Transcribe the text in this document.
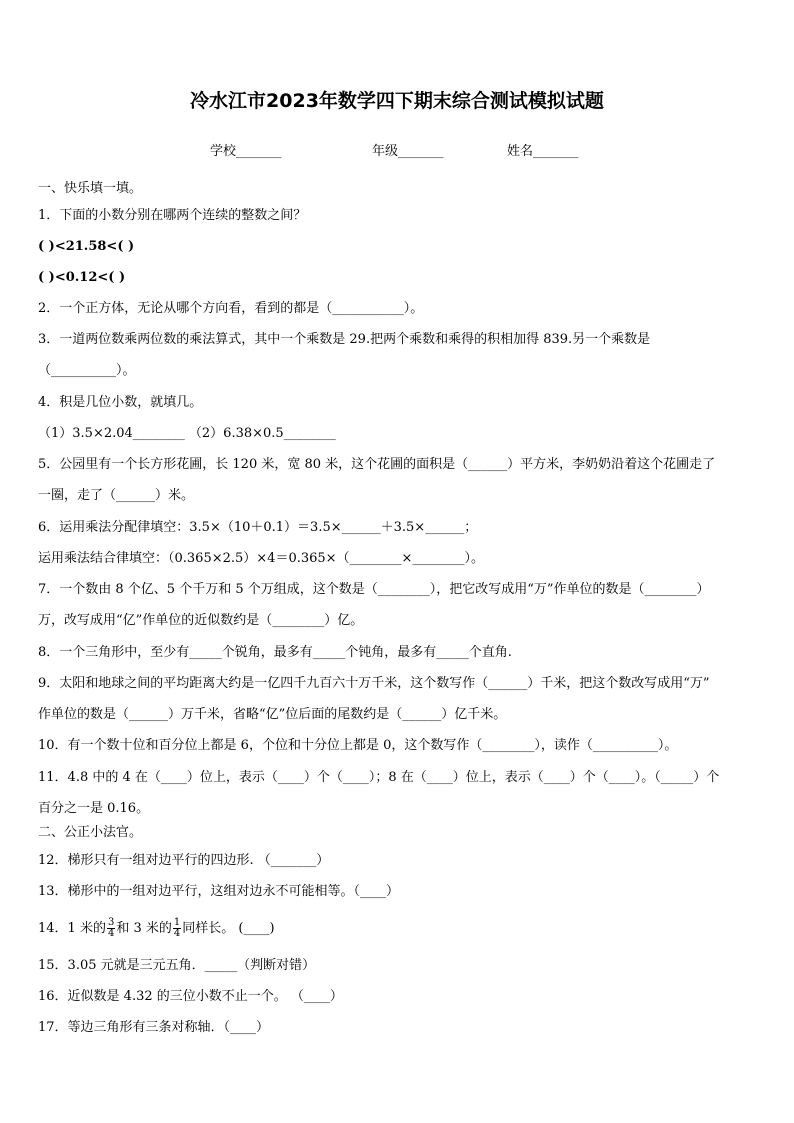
冷水江市2023年数学四下期末综合测试模拟试题
学校_______	年级_______	姓名_______
一、快乐填一填。
1．下面的小数分别在哪两个连续的整数之间？
( )<21.58<( )
( )<0.12<( )
2．一个正方体，无论从哪个方向看，看到的都是（___________）。
3．一道两位数乘两位数的乘法算式，其中一个乘数是 29.把两个乘数和乘得的积相加得 839.另一个乘数是
（__________）。
4．积是几位小数，就填几。
（1）3.5×2.04________ （2）6.38×0.5________
5．公园里有一个长方形花圃，长 120 米，宽 80 米，这个花圃的面积是（______）平方米，李奶奶沿着这个花圃走了
一圈，走了（______）米。
6．运用乘法分配律填空：3.5×（10＋0.1）＝3.5×______＋3.5×______；
运用乘法结合律填空：（0.365×2.5）×4＝0.365×（________×________）。
7．一个数由 8 个亿、5 个千万和 5 个万组成，这个数是（________），把它改写成用“万”作单位的数是（________）
万，改写成用“亿”作单位的近似数约是（________）亿。
8．一个三角形中，至少有_____个锐角，最多有_____个钝角，最多有_____个直角.
9．太阳和地球之间的平均距离大约是一亿四千九百六十万千米，这个数写作（______）千米，把这个数改写成用“万”
作单位的数是（______）万千米，省略“亿”位后面的尾数约是（______）亿千米。
10．有一个数十位和百分位上都是 6，个位和十分位上都是 0，这个数写作（________），读作（__________）。
11．4.8 中的 4 在（____）位上，表示（____）个（____）；8 在（____）位上，表示（____）个（____）。（_____）个
百分之一是 0.16。
二、公正小法官。
12．梯形只有一组对边平行的四边形. （_______）
13．梯形中的一组对边平行，这组对边永不可能相等。（____）
14．1 米的 $\frac{3}{4}$ 和 3 米的 $\frac{1}{4}$ 同样长。 (____)
15．3.05 元就是三元五角．_____（判断对错）
16．近似数是 4.32 的三位小数不止一个。 （____）
17．等边三角形有三条对称轴．（____）
